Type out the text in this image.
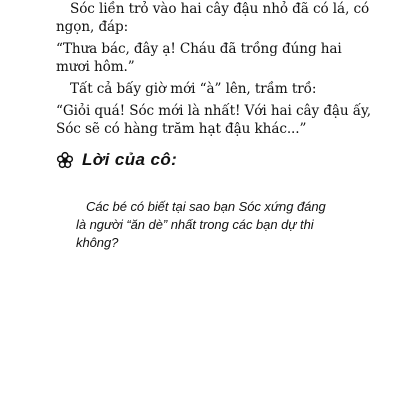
Sóc liền trỏ vào hai cây đậu nhỏ đã có lá, có ngọn, đáp:

“Thưa bác, đây ạ! Cháu đã trồng đúng hai mươi hôm.”

Tất cả bấy giờ mới “à” lên, trầm trồ:

“Giỏi quá! Sóc mới là nhất! Với hai cây đậu ấy, Sóc sẽ có hàng trăm hạt đậu khác...”

Lời của cô:
Các bé có biết tại sao bạn Sóc xứng đáng
là người “ăn dè” nhất trong các bạn dự thi
không?
